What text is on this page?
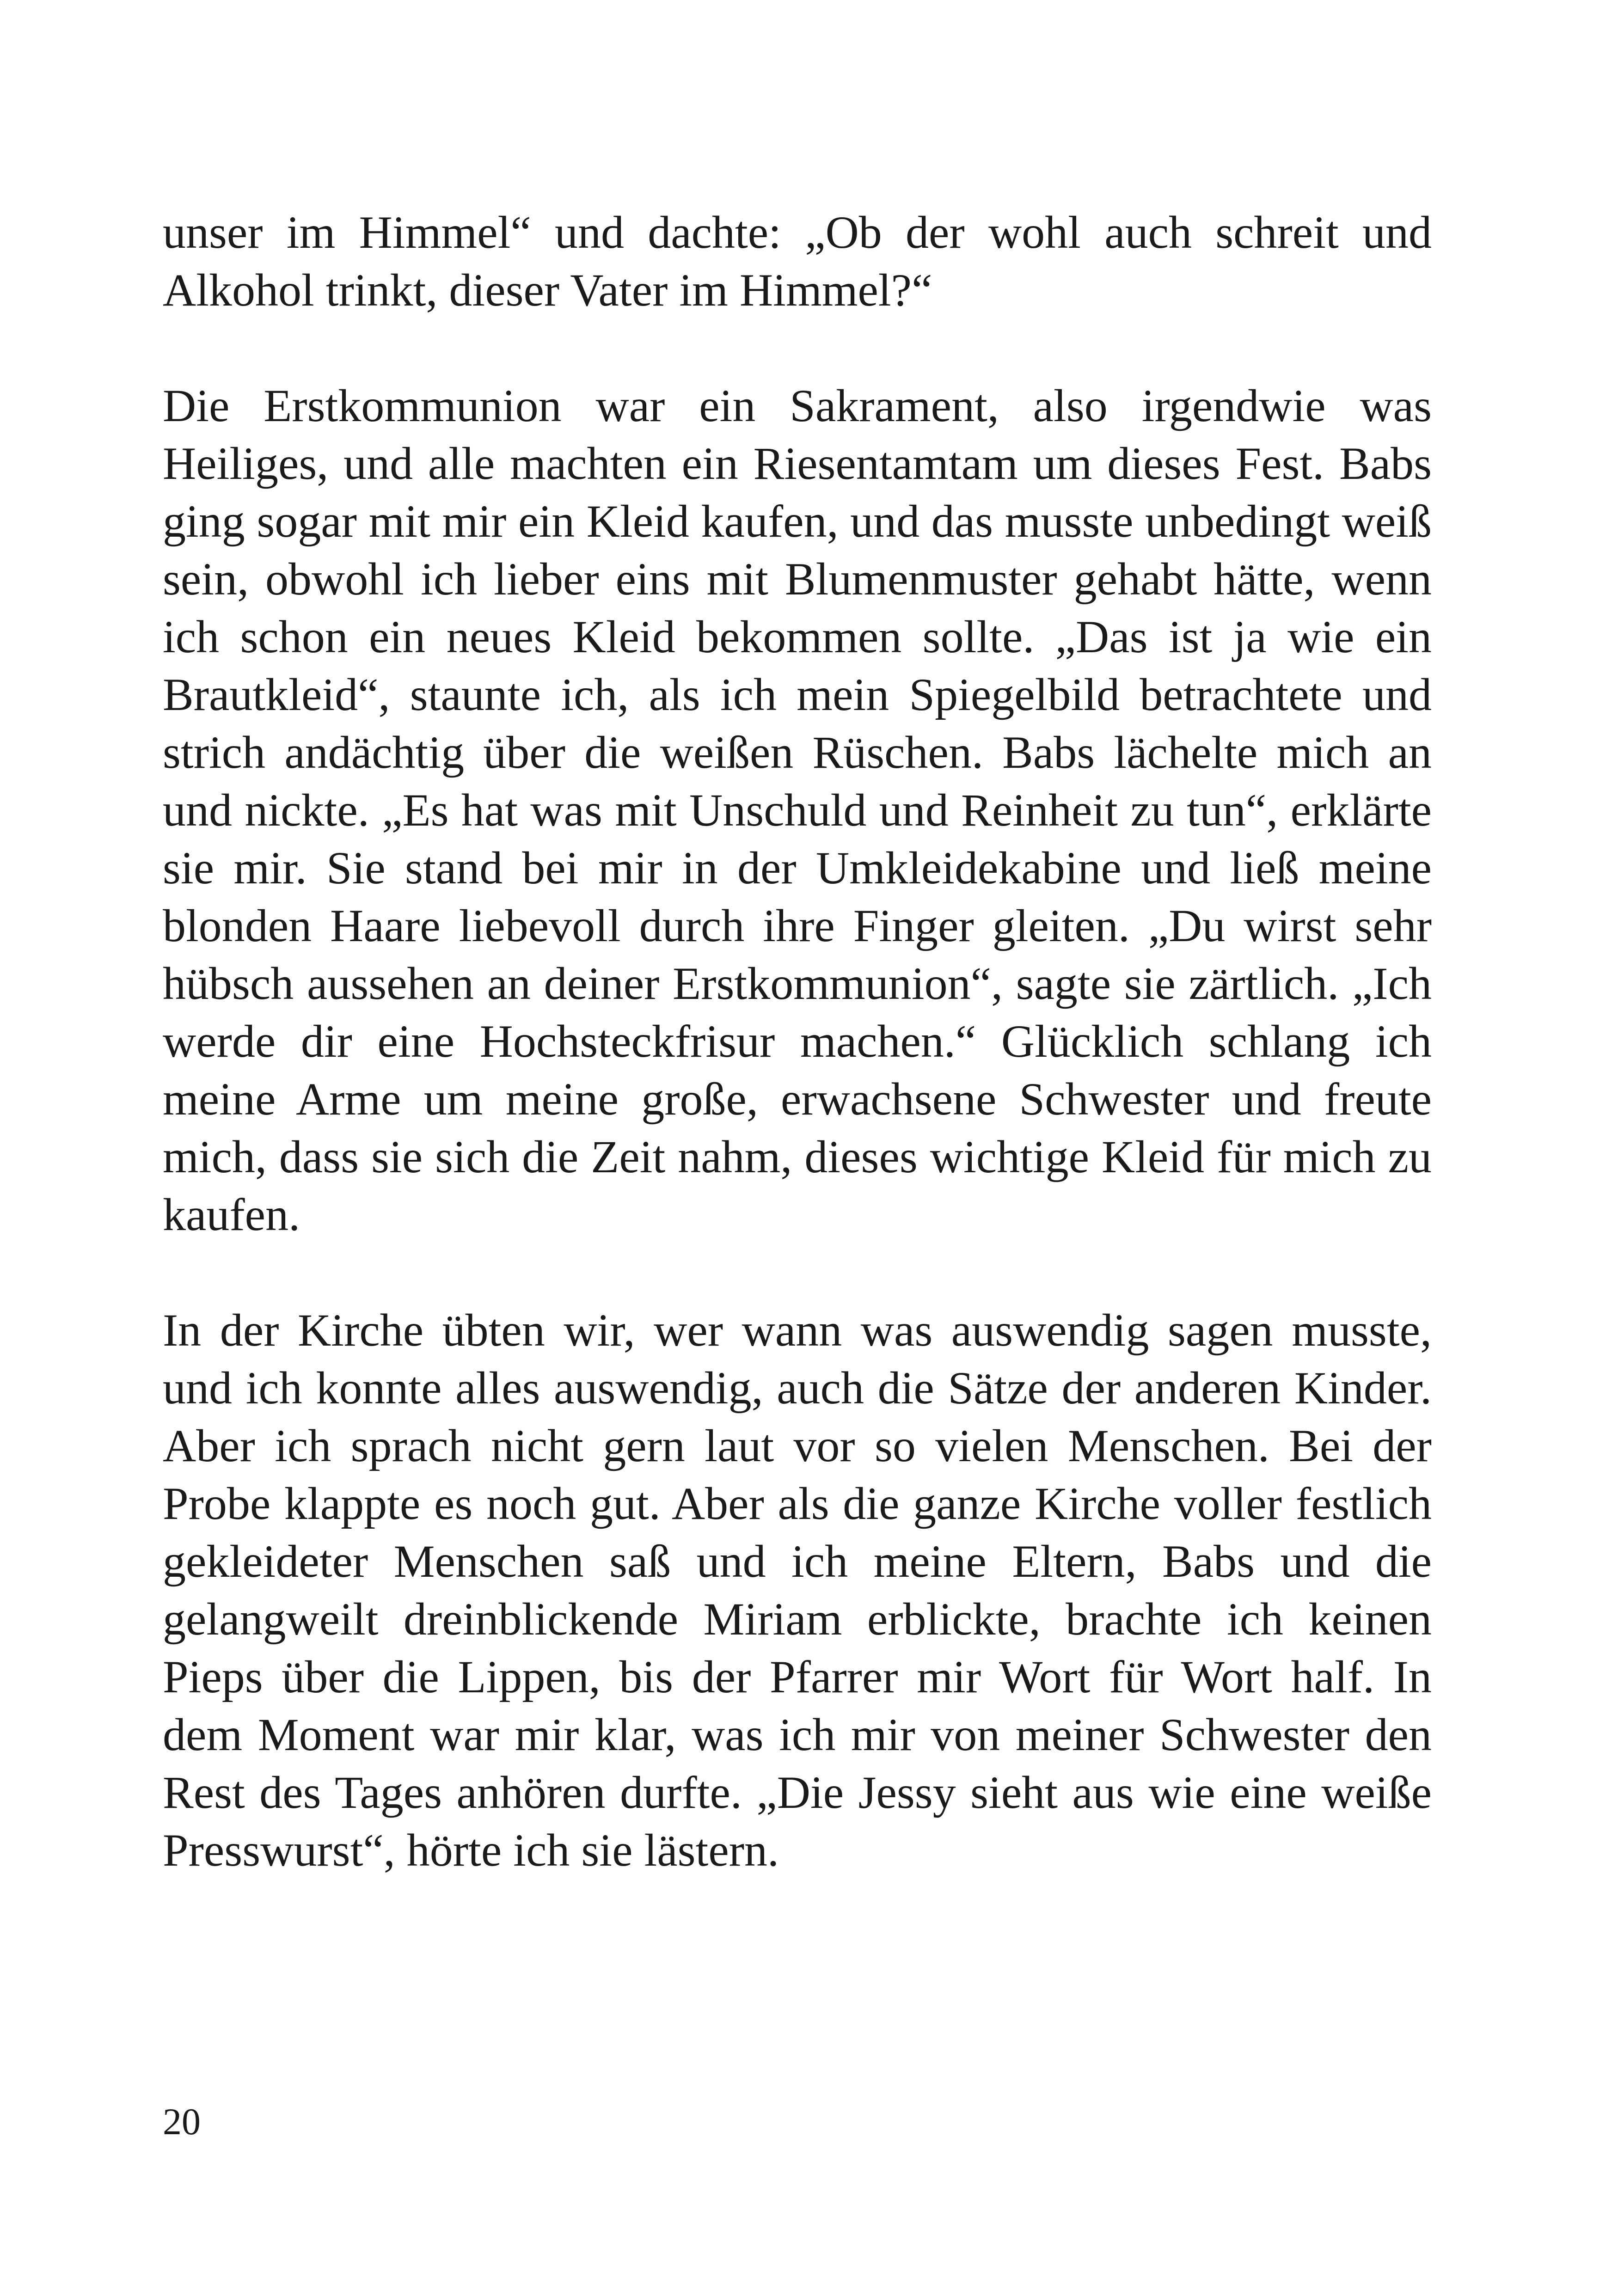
unser im Himmel“ und dachte: „Ob der wohl auch schreit und Alkohol trinkt, dieser Vater im Himmel?“

Die Erstkommunion war ein Sakrament, also irgendwie was Heiliges, und alle machten ein Riesentamtam um dieses Fest. Babs ging sogar mit mir ein Kleid kaufen, und das musste unbedingt weiß sein, obwohl ich lieber eins mit Blumenmuster gehabt hätte, wenn ich schon ein neues Kleid bekommen sollte. „Das ist ja wie ein Brautkleid“, staunte ich, als ich mein Spiegelbild betrachtete und strich andächtig über die weißen Rüschen. Babs lächelte mich an und nickte. „Es hat was mit Unschuld und Reinheit zu tun“, erklärte sie mir. Sie stand bei mir in der Umkleidekabine und ließ meine blonden Haare liebevoll durch ihre Finger gleiten. „Du wirst sehr hübsch aussehen an deiner Erstkommunion“, sagte sie zärtlich. „Ich werde dir eine Hochsteckfrisur machen.“ Glücklich schlang ich meine Arme um meine große, erwachsene Schwester und freute mich, dass sie sich die Zeit nahm, dieses wichtige Kleid für mich zu kaufen.

In der Kirche übten wir, wer wann was auswendig sagen musste, und ich konnte alles auswendig, auch die Sätze der anderen Kinder. Aber ich sprach nicht gern laut vor so vielen Menschen. Bei der Probe klappte es noch gut. Aber als die ganze Kirche voller festlich gekleideter Menschen saß und ich meine Eltern, Babs und die gelangweilt dreinblickende Miriam erblickte, brachte ich keinen Pieps über die Lippen, bis der Pfarrer mir Wort für Wort half. In dem Moment war mir klar, was ich mir von meiner Schwester den Rest des Tages anhören durfte. „Die Jessy sieht aus wie eine weiße Presswurst“, hörte ich sie lästern.

20
